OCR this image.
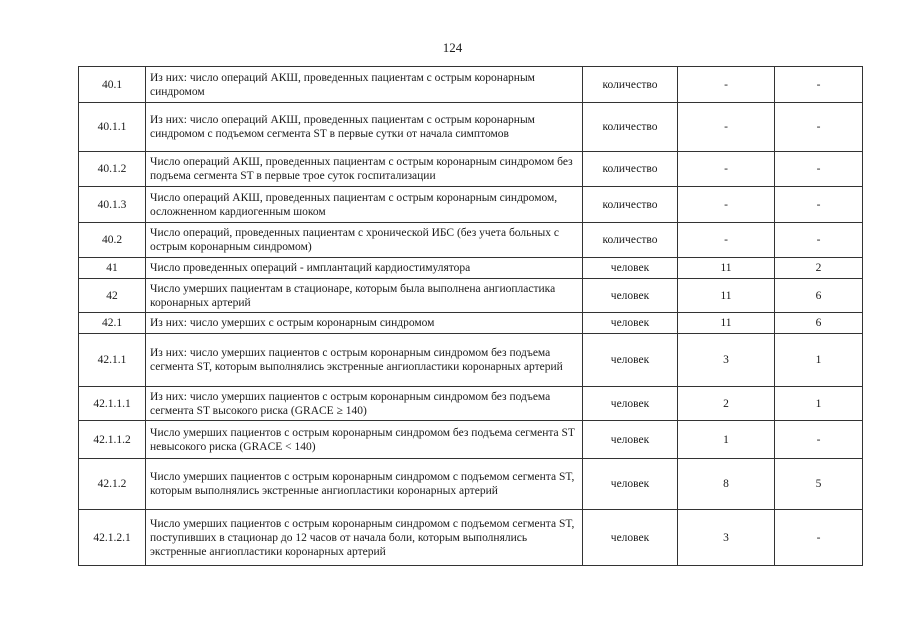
124
40.1	Из них: число операций АКШ, проведенных пациентам с острым коронарным синдромом	количество	-	-
40.1.1	Из них: число операций АКШ, проведенных пациентам с острым коронарным синдромом с подъемом сегмента ST в первые сутки от начала симптомов	количество	-	-
40.1.2	Число операций АКШ, проведенных пациентам с острым коронарным синдромом без подъема сегмента ST в первые трое суток госпитализации	количество	-	-
40.1.3	Число операций АКШ, проведенных пациентам с острым коронарным синдромом, осложненном кардиогенным шоком	количество	-	-
40.2	Число операций, проведенных пациентам с хронической ИБС (без учета больных с острым коронарным синдромом)	количество	-	-
41	Число проведенных операций - имплантаций кардиостимулятора	человек	11	2
42	Число умерших пациентам в стационаре, которым была выполнена ангиопластика коронарных артерий	человек	11	6
42.1	Из них: число умерших с острым коронарным синдромом	человек	11	6
42.1.1	Из них: число умерших пациентов с острым коронарным синдромом без подъема сегмента ST, которым выполнялись экстренные ангиопластики коронарных артерий	человек	3	1
42.1.1.1	Из них: число умерших пациентов с острым коронарным синдромом без подъема сегмента ST высокого риска (GRACE ≥ 140)	человек	2	1
42.1.1.2	Число умерших пациентов с острым коронарным синдромом без подъема сегмента ST невысокого риска (GRACE < 140)	человек	1	-
42.1.2	Число умерших пациентов с острым коронарным синдромом с подъемом сегмента ST, которым выполнялись экстренные ангиопластики коронарных артерий	человек	8	5
42.1.2.1	Число умерших пациентов с острым коронарным синдромом с подъемом сегмента ST, поступивших в стационар до 12 часов от начала боли, которым выполнялись экстренные ангиопластики коронарных артерий	человек	3	-
